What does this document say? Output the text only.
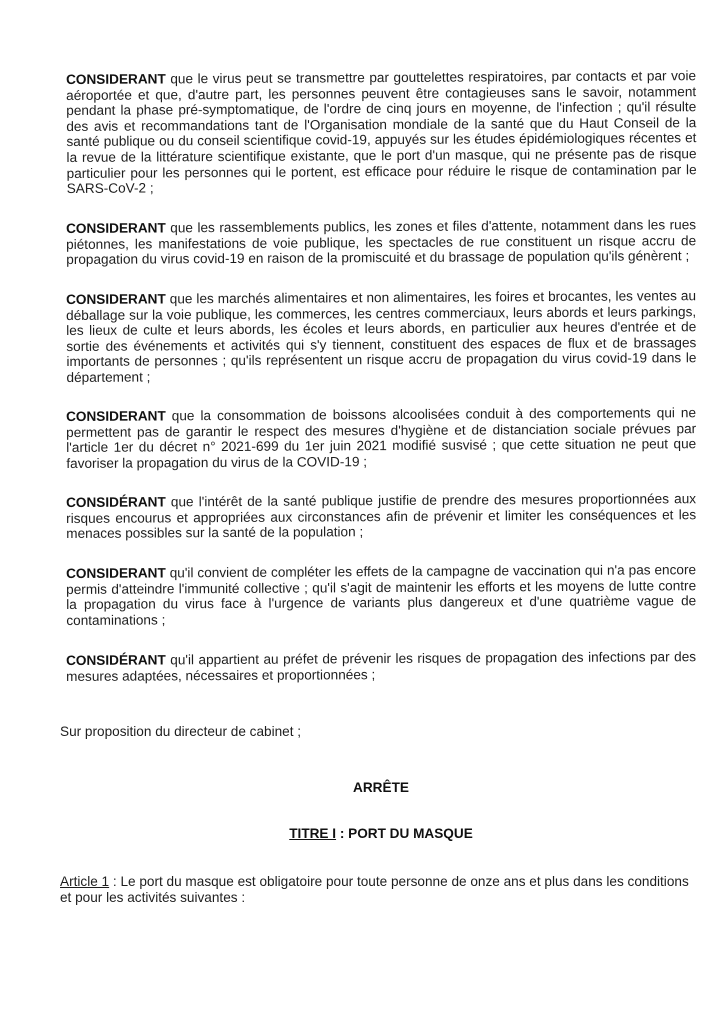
CONSIDERANT que le virus peut se transmettre par gouttelettes respiratoires, par contacts et par voie aéroportée et que, d'autre part, les personnes peuvent être contagieuses sans le savoir, notamment pendant la phase pré-symptomatique, de l'ordre de cinq jours en moyenne, de l'infection ; qu'il résulte des avis et recommandations tant de l'Organisation mondiale de la santé que du Haut Conseil de la santé publique ou du conseil scientifique covid-19, appuyés sur les études épidémiologiques récentes et la revue de la littérature scientifique existante, que le port d'un masque, qui ne présente pas de risque particulier pour les personnes qui le portent, est efficace pour réduire le risque de contamination par le SARS-CoV-2 ;

CONSIDERANT que les rassemblements publics, les zones et files d'attente, notamment dans les rues piétonnes, les manifestations de voie publique, les spectacles de rue constituent un risque accru de propagation du virus covid-19 en raison de la promiscuité et du brassage de population qu'ils génèrent ;

CONSIDERANT que les marchés alimentaires et non alimentaires, les foires et brocantes, les ventes au déballage sur la voie publique, les commerces, les centres commerciaux, leurs abords et leurs parkings, les lieux de culte et leurs abords, les écoles et leurs abords, en particulier aux heures d'entrée et de sortie des événements et activités qui s'y tiennent, constituent des espaces de flux et de brassages importants de personnes ; qu'ils représentent un risque accru de propagation du virus covid-19 dans le département ;

CONSIDERANT que la consommation de boissons alcoolisées conduit à des comportements qui ne permettent pas de garantir le respect des mesures d'hygiène et de distanciation sociale prévues par l'article 1er du décret n° 2021-699 du 1er juin 2021 modifié susvisé ; que cette situation ne peut que favoriser la propagation du virus de la COVID-19 ;

CONSIDÉRANT que l'intérêt de la santé publique justifie de prendre des mesures proportionnées aux risques encourus et appropriées aux circonstances afin de prévenir et limiter les conséquences et les menaces possibles sur la santé de la population ;

CONSIDERANT qu'il convient de compléter les effets de la campagne de vaccination qui n'a pas encore permis d'atteindre l'immunité collective ; qu'il s'agit de maintenir les efforts et les moyens de lutte contre la propagation du virus face à l'urgence de variants plus dangereux et d'une quatrième vague de contaminations ;

CONSIDÉRANT qu'il appartient au préfet de prévenir les risques de propagation des infections par des mesures adaptées, nécessaires et proportionnées ;

Sur proposition du directeur de cabinet ;

ARRÊTE

TITRE I : PORT DU MASQUE

Article 1 : Le port du masque est obligatoire pour toute personne de onze ans et plus dans les conditions et pour les activités suivantes :
